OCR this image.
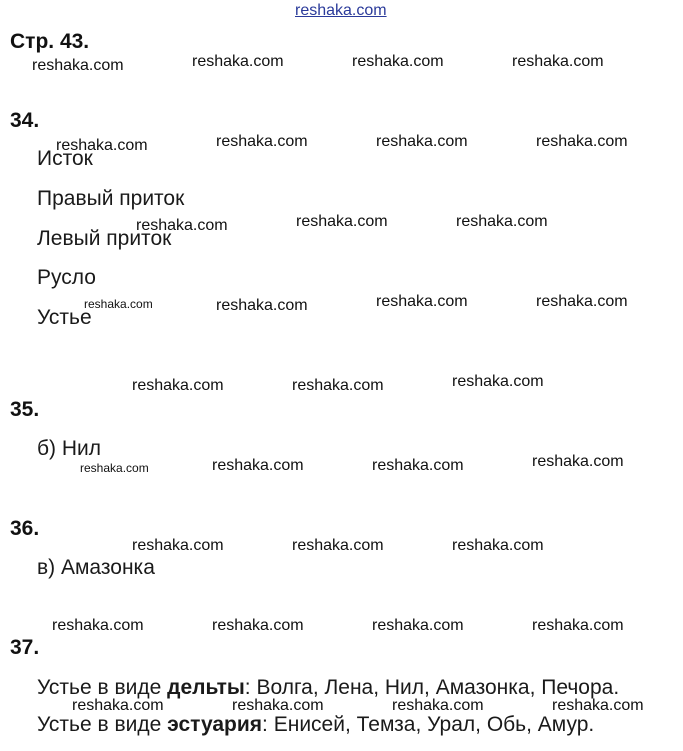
reshaka.com
Стр. 43.
34.
Исток
Правый приток
Левый приток
Русло
Устье
35.
б) Нил
36.
в) Амазонка
37.
Устье в виде дельты: Волга, Лена, Нил, Амазонка, Печора.
Устье в виде эстуария: Енисей, Темза, Урал, Обь, Амур.
reshaka.com	reshaka.com	reshaka.com	reshaka.com
reshaka.com	reshaka.com	reshaka.com	reshaka.com
reshaka.com	reshaka.com	reshaka.com
reshaka.com	reshaka.com	reshaka.com	reshaka.com
reshaka.com	reshaka.com	reshaka.com
reshaka.com	reshaka.com	reshaka.com	reshaka.com
reshaka.com	reshaka.com	reshaka.com
reshaka.com	reshaka.com	reshaka.com	reshaka.com
reshaka.com	reshaka.com	reshaka.com	reshaka.com
